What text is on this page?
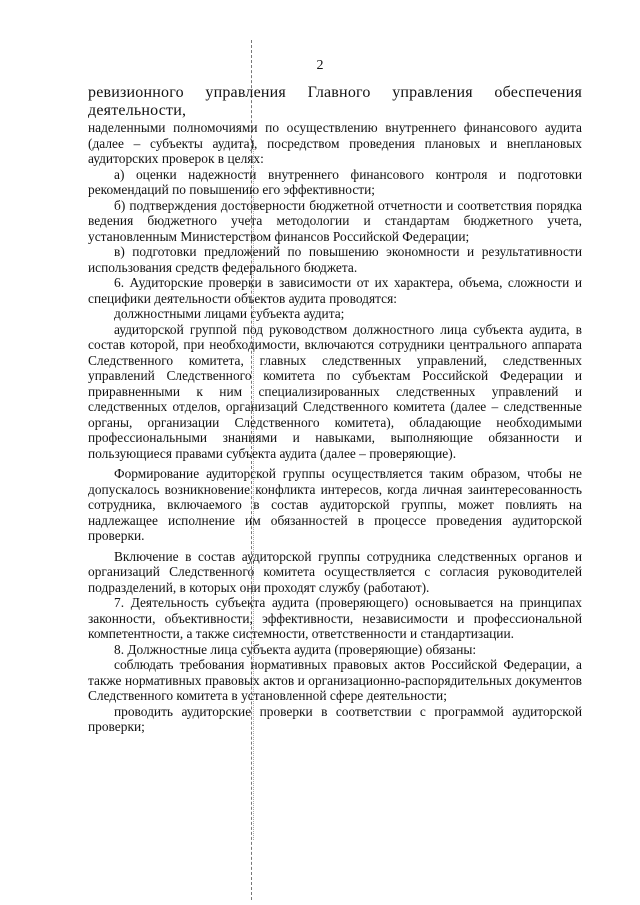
2

ревизионного управления Главного управления обеспечения деятельности,

наделенными полномочиями по осуществлению внутреннего финансового аудита (далее – субъекты аудита), посредством проведения плановых и внеплановых аудиторских проверок в целях:

а) оценки надежности внутреннего финансового контроля и подготовки рекомендаций по повышению его эффективности;

б) подтверждения достоверности бюджетной отчетности и соответствия порядка ведения бюджетного учета методологии и стандартам бюджетного учета, установленным Министерством финансов Российской Федерации;

в) подготовки предложений по повышению экономности и результативности использования средств федерального бюджета.

6. Аудиторские проверки в зависимости от их характера, объема, сложности и специфики деятельности объектов аудита проводятся:

должностными лицами субъекта аудита;

аудиторской группой под руководством должностного лица субъекта аудита, в состав которой, при необходимости, включаются сотрудники центрального аппарата Следственного комитета, главных следственных управлений, следственных управлений Следственного комитета по субъектам Российской Федерации и приравненными к ним специализированных следственных управлений и следственных отделов, организаций Следственного комитета (далее – следственные органы, организации Следственного комитета), обладающие необходимыми профессиональными знаниями и навыками, выполняющие обязанности и пользующиеся правами субъекта аудита (далее – проверяющие).

Формирование аудиторской группы осуществляется таким образом, чтобы не допускалось возникновение конфликта интересов, когда личная заинтересованность сотрудника, включаемого в состав аудиторской группы, может повлиять на надлежащее исполнение им обязанностей в процессе проведения аудиторской проверки.

Включение в состав аудиторской группы сотрудника следственных органов и организаций Следственного комитета осуществляется с согласия руководителей подразделений, в которых они проходят службу (работают).

7. Деятельность субъекта аудита (проверяющего) основывается на принципах законности, объективности, эффективности, независимости и профессиональной компетентности, а также системности, ответственности и стандартизации.

8. Должностные лица субъекта аудита (проверяющие) обязаны:

соблюдать требования нормативных правовых актов Российской Федерации, а также нормативных правовых актов и организационно-распорядительных документов Следственного комитета в установленной сфере деятельности;

проводить аудиторские проверки в соответствии с программой аудиторской проверки;
